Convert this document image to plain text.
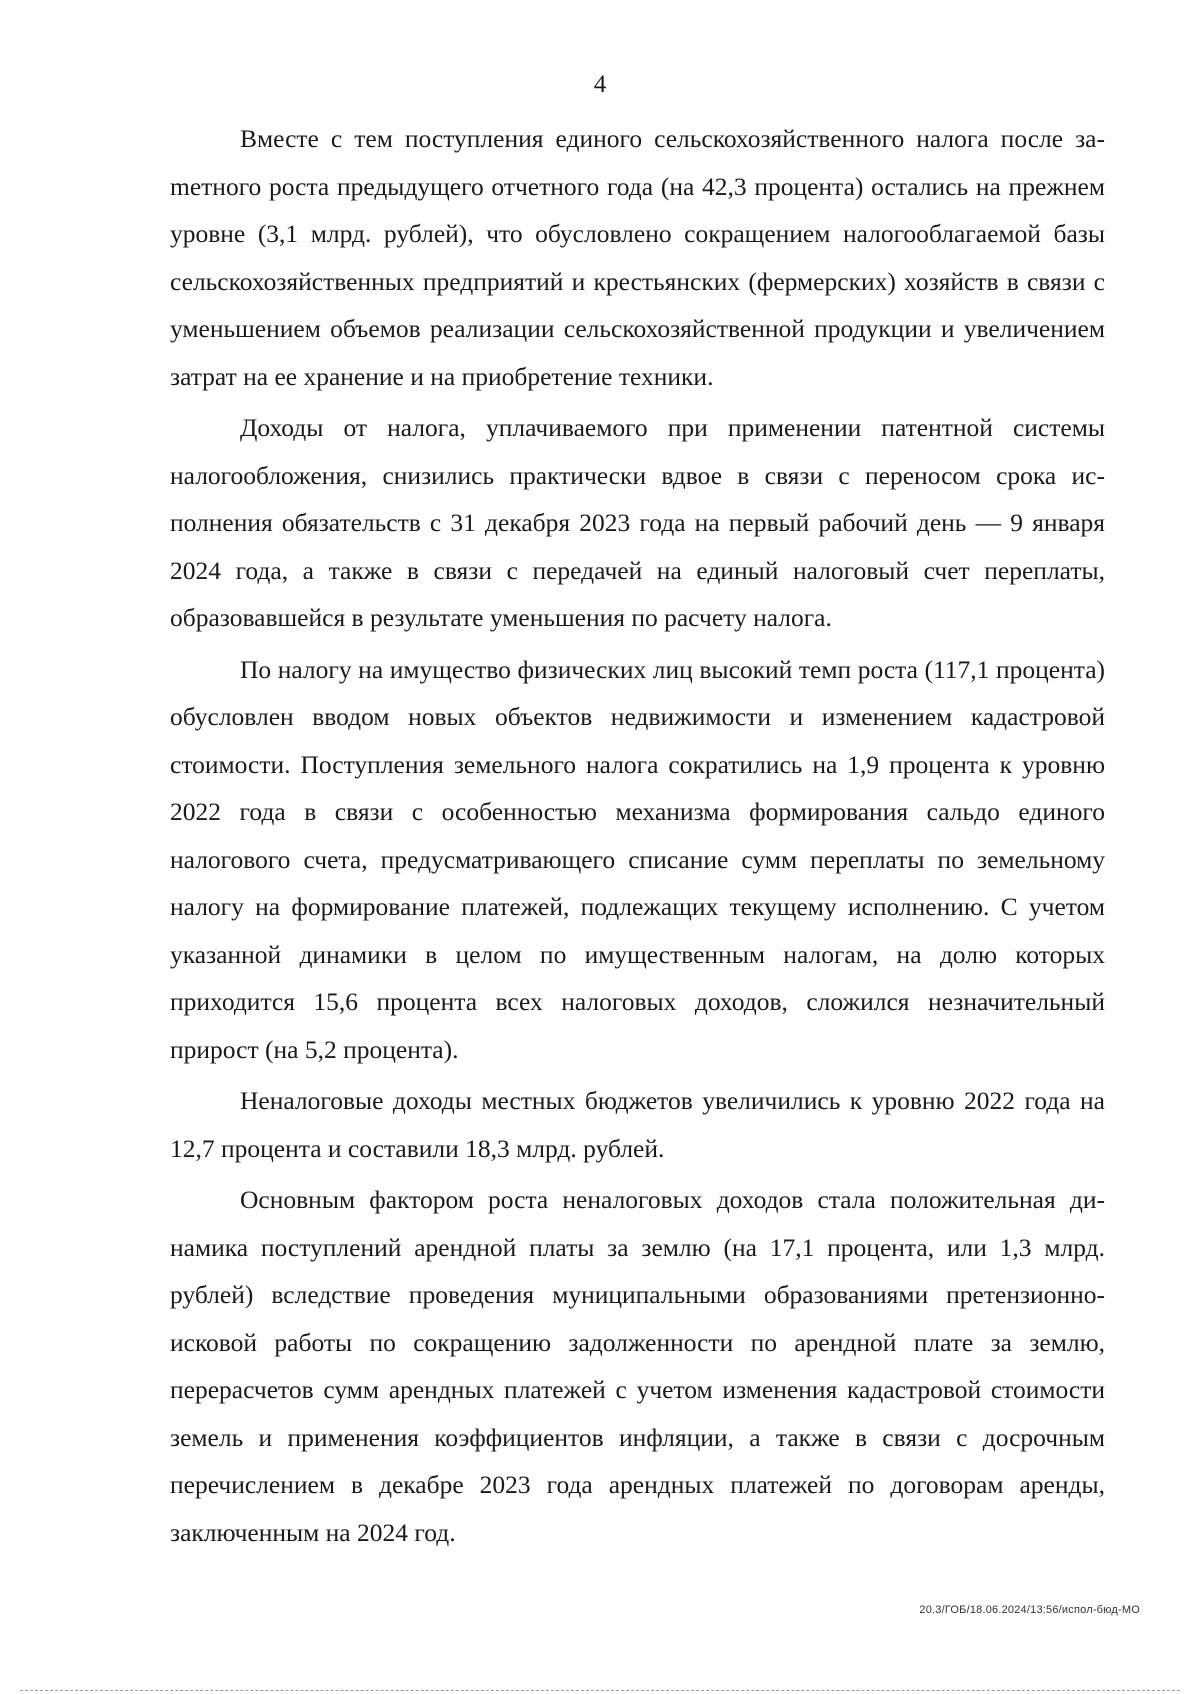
4

Вместе с тем поступления единого сельскохозяйственного налога после заmетного роста предыдущего отчетного года (на 42,3 процента) остались на прежнем уровне (3,1 млрд. рублей), что обусловлено сокращением налогооблагаемой базы сельскохозяйственных предприятий и крестьянских (фермерских) хозяйств в связи с уменьшением объемов реализации сельскохозяйственной продукции и увеличением затрат на ее хранение и на приобретение техники.

Доходы от налога, уплачиваемого при применении патентной системы налогообложения, снизились практически вдвое в связи с переносом срока исполнения обязательств с 31 декабря 2023 года на первый рабочий день — 9 января 2024 года, а также в связи с передачей на единый налоговый счет переплаты, образовавшейся в результате уменьшения по расчету налога.

По налогу на имущество физических лиц высокий темп роста (117,1 процента) обусловлен вводом новых объектов недвижимости и изменением кадастровой стоимости. Поступления земельного налога сократились на 1,9 процента к уровню 2022 года в связи с особенностью механизма формирования сальдо единого налогового счета, предусматривающего списание сумм переплаты по земельному налогу на формирование платежей, подлежащих текущему исполнению. С учетом указанной динамики в целом по имущественным налогам, на долю которых приходится 15,6 процента всех налоговых доходов, сложился незначительный прирост (на 5,2 процента).

Неналоговые доходы местных бюджетов увеличились к уровню 2022 года на 12,7 процента и составили 18,3 млрд. рублей.

Основным фактором роста неналоговых доходов стала положительная динамика поступлений арендной платы за землю (на 17,1 процента, или 1,3 млрд. рублей) вследствие проведения муниципальными образованиями претензионно-исковой работы по сокращению задолженности по арендной плате за землю, перерасчетов сумм арендных платежей с учетом изменения кадастровой стоимости земель и применения коэффициентов инфляции, а также в связи с досрочным перечислением в декабре 2023 года арендных платежей по договорам аренды, заключенным на 2024 год.

20.3/ГОБ/18.06.2024/13:56/испол-бюд-МО
